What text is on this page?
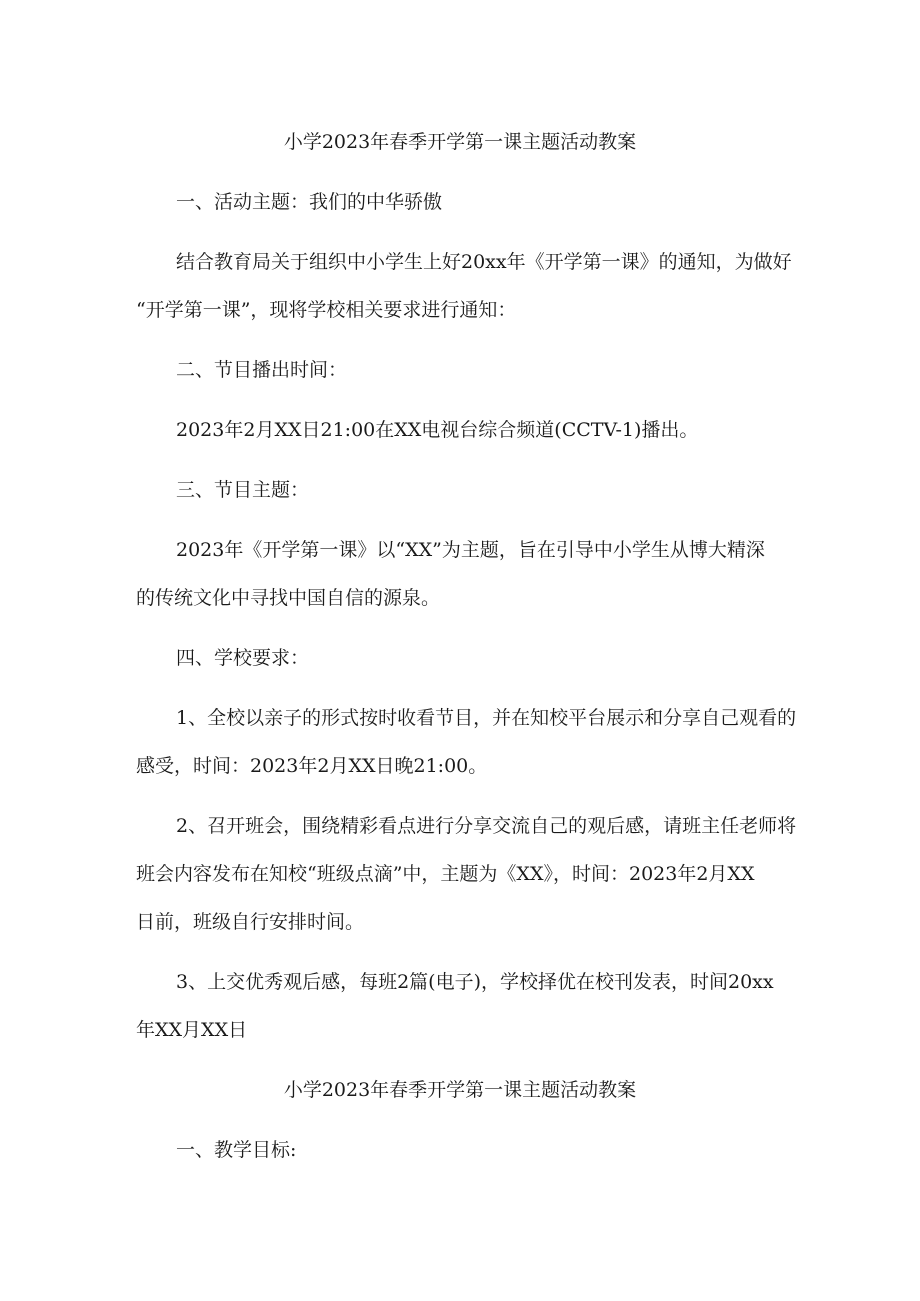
小学2023年春季开学第一课主题活动教案

一、活动主题：我们的中华骄傲

结合教育局关于组织中小学生上好20xx年《开学第一课》的通知，为做好

“开学第一课”，现将学校相关要求进行通知：

二、节目播出时间：

2023年2月XX日21:00在XX电视台综合频道(CCTV-1)播出。

三、节目主题：

2023年《开学第一课》以“XX”为主题，旨在引导中小学生从博大精深

的传统文化中寻找中国自信的源泉。

四、学校要求：

1、全校以亲子的形式按时收看节目，并在知校平台展示和分享自己观看的

感受，时间：2023年2月XX日晚21:00。

2、召开班会，围绕精彩看点进行分享交流自己的观后感，请班主任老师将

班会内容发布在知校“班级点滴”中，主题为《XX》，时间：2023年2月XX

日前，班级自行安排时间。

3、上交优秀观后感，每班2篇(电子)，学校择优在校刊发表，时间20xx

年XX月XX日

小学2023年春季开学第一课主题活动教案

一、教学目标:
